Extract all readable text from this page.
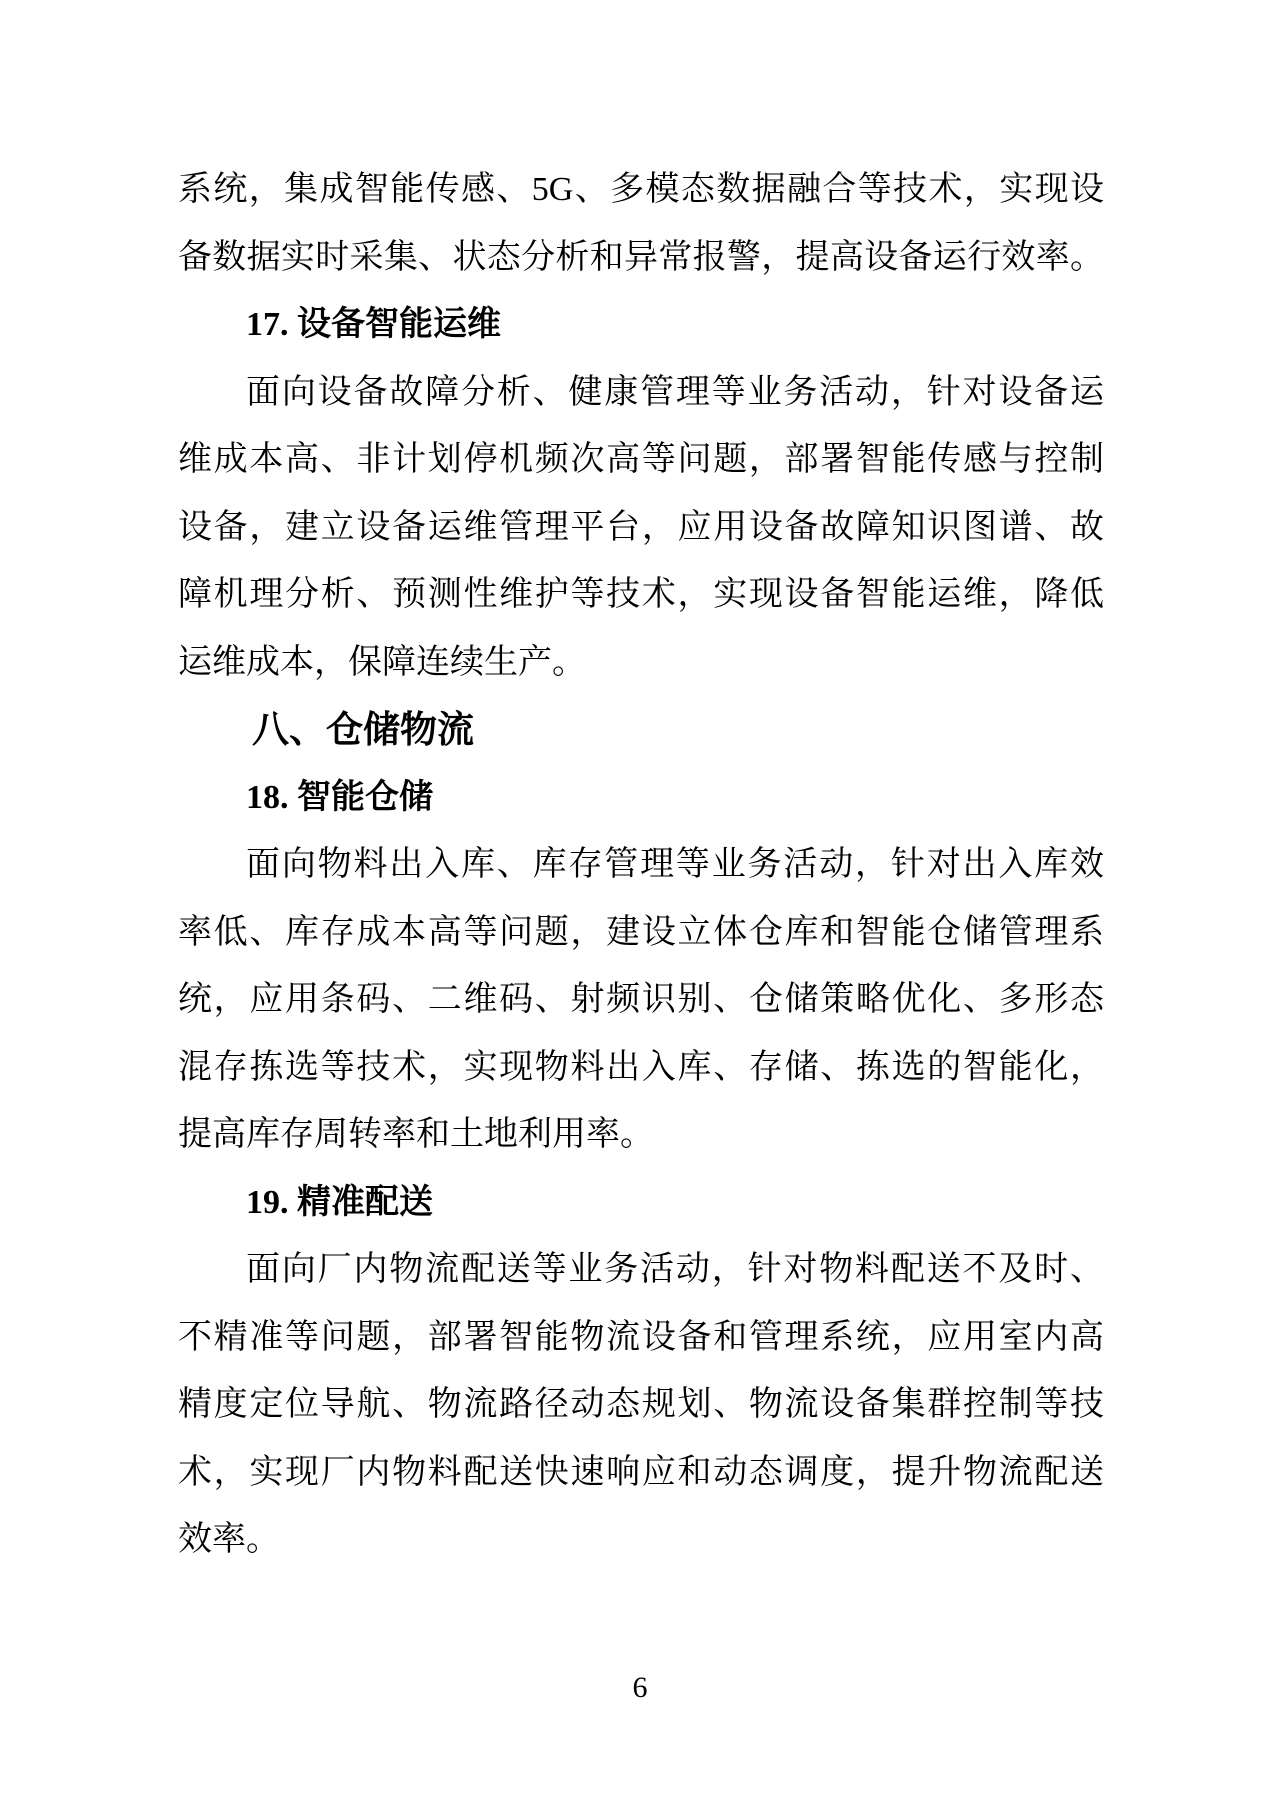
系统，集成智能传感、5G、多模态数据融合等技术，实现设
备数据实时采集、状态分析和异常报警，提高设备运行效率。
17. 设备智能运维
面向设备故障分析、健康管理等业务活动，针对设备运
维成本高、非计划停机频次高等问题，部署智能传感与控制
设备，建立设备运维管理平台，应用设备故障知识图谱、故
障机理分析、预测性维护等技术，实现设备智能运维，降低
运维成本，保障连续生产。
八、仓储物流
18. 智能仓储
面向物料出入库、库存管理等业务活动，针对出入库效
率低、库存成本高等问题，建设立体仓库和智能仓储管理系
统，应用条码、二维码、射频识别、仓储策略优化、多形态
混存拣选等技术，实现物料出入库、存储、拣选的智能化，
提高库存周转率和土地利用率。
19. 精准配送
面向厂内物流配送等业务活动，针对物料配送不及时、
不精准等问题，部署智能物流设备和管理系统，应用室内高
精度定位导航、物流路径动态规划、物流设备集群控制等技
术，实现厂内物料配送快速响应和动态调度，提升物流配送
效率。
6
